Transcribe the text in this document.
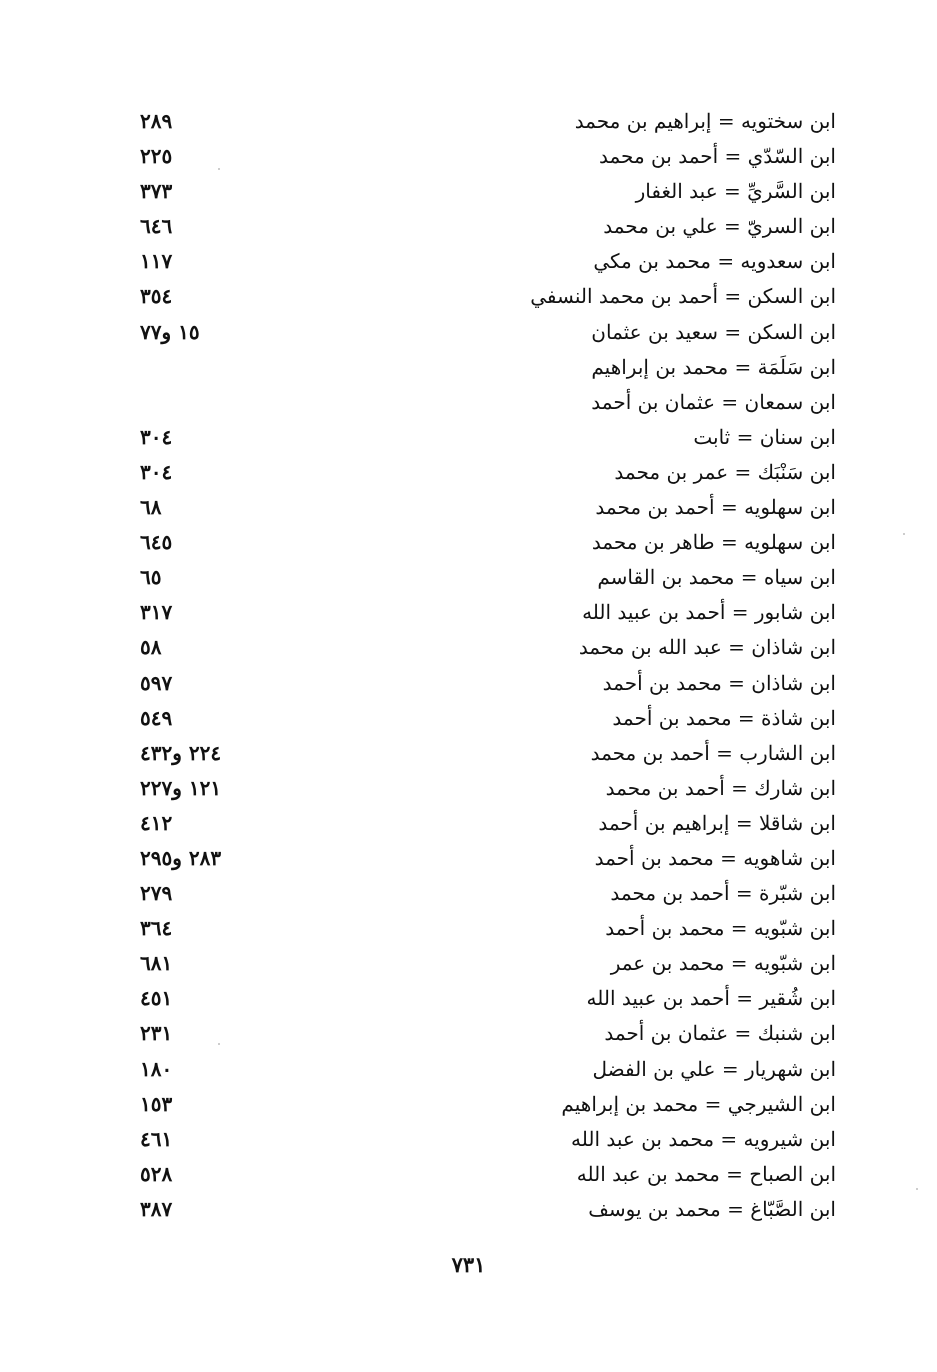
ابن سختويه = إبراهيم بن محمد
٢٨٩
ابن السّدّي = أحمد بن محمد
٢٢٥
ابن السَّريِّ = عبد الغفار
٣٧٣
ابن السريّ = علي بن محمد
٦٤٦
ابن سعدويه = محمد بن مكي
١١٧
ابن السكن = أحمد بن محمد النسفي
٣٥٤
ابن السكن = سعيد بن عثمان
١٥ و٧٧
ابن سَلَمَة = محمد بن إبراهيم
ابن سمعان = عثمان بن أحمد
ابن سنان = ثابت
٣٠٤
ابن سَنْبَك = عمر بن محمد
٣٠٤
ابن سهلويه = أحمد بن محمد
٦٨
ابن سهلويه = طاهر بن محمد
٦٤٥
ابن سياه = محمد بن القاسم
٦٥
ابن شابور = أحمد بن عبيد الله
٣١٧
ابن شاذان = عبد الله بن محمد
٥٨
ابن شاذان = محمد بن أحمد
٥٩٧
ابن شاذة = محمد بن أحمد
٥٤٩
ابن الشارب = أحمد بن محمد
٢٢٤ و٤٣٢
ابن شارك = أحمد بن محمد
١٢١ و٢٢٧
ابن شاقلا = إبراهيم بن أحمد
٤١٢
ابن شاهويه = محمد بن أحمد
٢٨٣ و٢٩٥
ابن شبّرة = أحمد بن محمد
٢٧٩
ابن شبّويه = محمد بن أحمد
٣٦٤
ابن شبّويه = محمد بن عمر
٦٨١
ابن شُقير = أحمد بن عبيد الله
٤٥١
ابن شنبك = عثمان بن أحمد
٢٣١
ابن شهريار = علي بن الفضل
١٨٠
ابن الشيرجي = محمد بن إبراهيم
١٥٣
ابن شيرويه = محمد بن عبد الله
٤٦١
ابن الصباح = محمد بن عبد الله
٥٢٨
ابن الصَّبّاغ = محمد بن يوسف
٣٨٧
٧٣١
